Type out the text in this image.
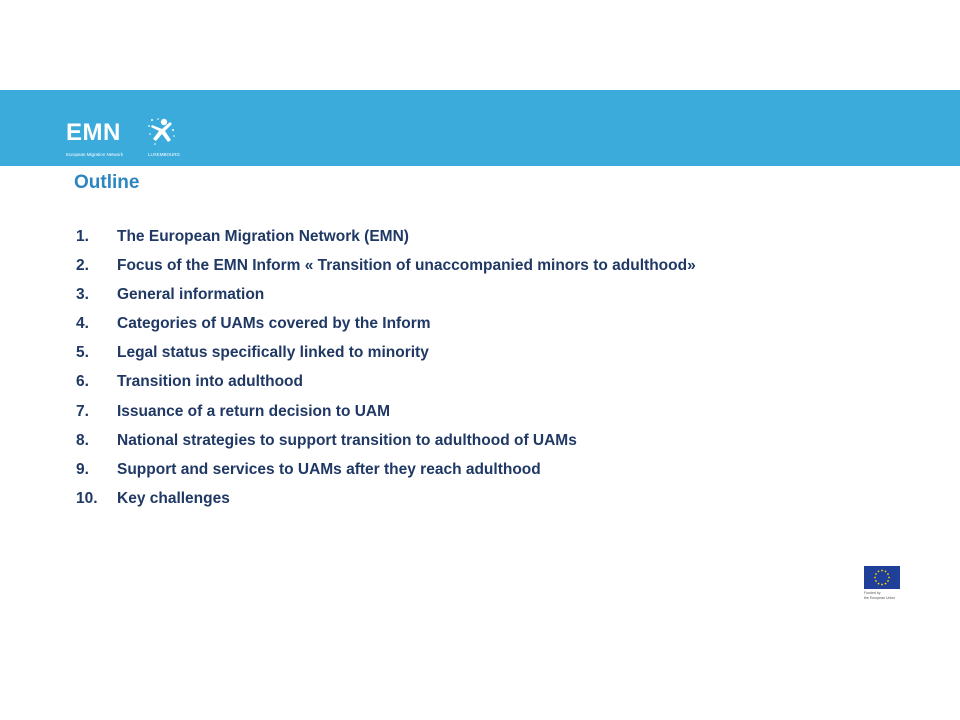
EMN
European Migration Network	LUXEMBOURG
Outline
1.	The European Migration Network (EMN)
2.	Focus of the EMN Inform « Transition of unaccompanied minors to adulthood»
3.	General information
4.	Categories of UAMs covered by the Inform
5.	Legal status specifically linked to minority
6.	Transition into adulthood
7.	Issuance of a return decision to UAM
8.	National strategies to support transition to adulthood of UAMs
9.	Support and services to UAMs after they reach adulthood
10.	Key challenges
Funded by
the European Union
